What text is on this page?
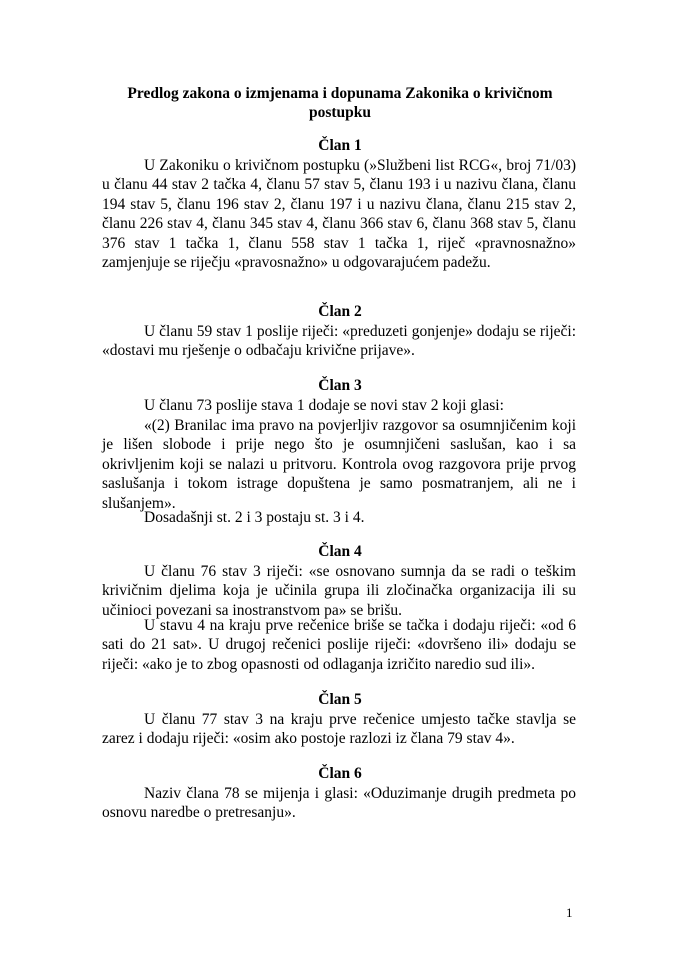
Predlog zakona o izmjenama i dopunama Zakonika o krivičnom postupku
Član 1
U Zakoniku o krivičnom postupku (»Službeni list RCG«, broj 71/03) u članu 44 stav 2 tačka 4, članu 57 stav 5, članu 193 i u nazivu člana, članu 194 stav 5, članu 196 stav 2, članu 197 i u nazivu člana, članu 215 stav 2, članu 226 stav 4, članu 345 stav 4, članu 366 stav 6, članu 368 stav 5, članu 376 stav 1 tačka 1, članu 558 stav 1 tačka 1, riječ «pravnosnažno» zamjenjuje se riječju «pravosnažno» u odgovarajućem padežu.
Član 2
U članu 59 stav 1 poslije riječi: «preduzeti gonjenje» dodaju se riječi: «dostavi mu rješenje o odbačaju krivične prijave».
Član 3
U članu 73 poslije stava 1 dodaje se novi stav 2 koji glasi:
«(2) Branilac ima pravo na povjerljiv razgovor sa osumnjičenim koji je lišen slobode i prije nego što je osumnjičeni saslušan, kao i sa okrivljenim koji se nalazi u pritvoru. Kontrola ovog razgovora prije prvog saslušanja i tokom istrage dopuštena je samo posmatranjem, ali ne i slušanjem».
Dosadašnji st. 2 i 3 postaju st. 3 i 4.
Član 4
U članu 76 stav 3 riječi: «se osnovano sumnja da se radi o teškim krivičnim djelima koja je učinila grupa ili zločinačka organizacija ili su učinioci povezani sa inostranstvom pa» se brišu.
U stavu 4 na kraju prve rečenice briše se tačka i dodaju riječi: «od 6 sati do 21 sat». U drugoj rečenici poslije riječi: «dovršeno ili» dodaju se riječi: «ako je to zbog opasnosti od odlaganja izričito naredio sud ili».
Član 5
U članu 77 stav 3 na kraju prve rečenice umjesto tačke stavlja se zarez i dodaju riječi: «osim ako postoje razlozi iz člana 79 stav 4».
Član 6
Naziv člana 78 se mijenja i glasi: «Oduzimanje drugih predmeta po osnovu naredbe o pretresanju».
1
